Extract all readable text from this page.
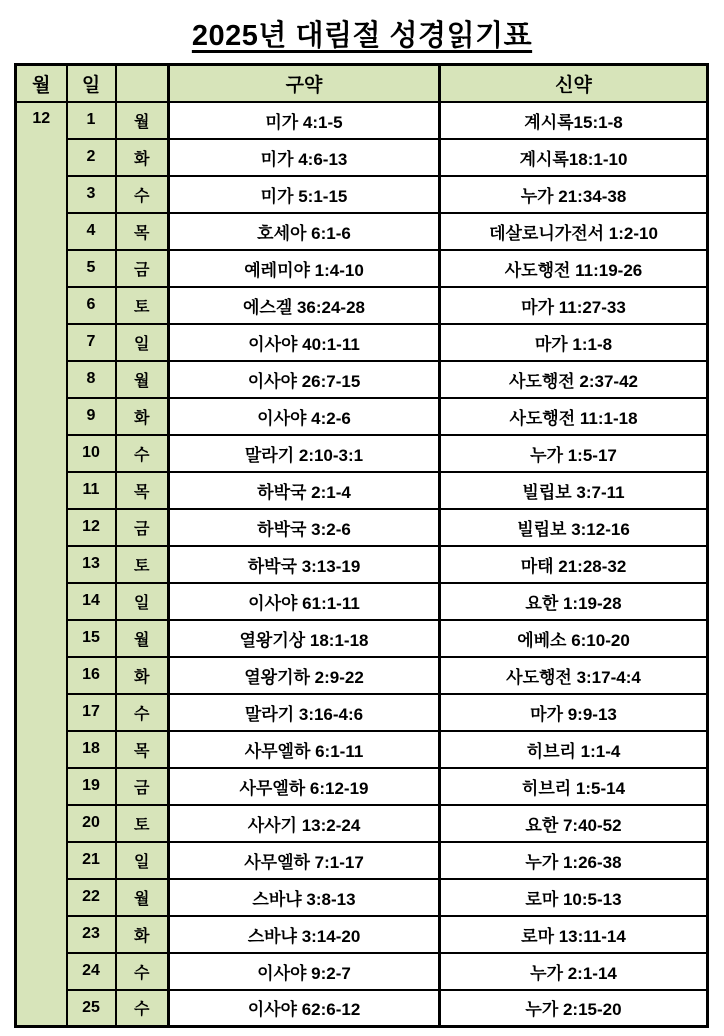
2025년 대림절 성경읽기표
월	일		구약	신약
12	1	월	미가 4:1-5	계시록15:1-8
	2	화	미가 4:6-13	계시록18:1-10
	3	수	미가 5:1-15	누가 21:34-38
	4	목	호세아 6:1-6	데살로니가전서 1:2-10
	5	금	예레미야 1:4-10	사도행전 11:19-26
	6	토	에스겔 36:24-28	마가 11:27-33
	7	일	이사야 40:1-11	마가 1:1-8
	8	월	이사야 26:7-15	사도행전 2:37-42
	9	화	이사야 4:2-6	사도행전 11:1-18
	10	수	말라기 2:10-3:1	누가 1:5-17
	11	목	하박국 2:1-4	빌립보 3:7-11
	12	금	하박국 3:2-6	빌립보 3:12-16
	13	토	하박국 3:13-19	마태 21:28-32
	14	일	이사야 61:1-11	요한 1:19-28
	15	월	열왕기상 18:1-18	에베소 6:10-20
	16	화	열왕기하 2:9-22	사도행전 3:17-4:4
	17	수	말라기 3:16-4:6	마가 9:9-13
	18	목	사무엘하 6:1-11	히브리 1:1-4
	19	금	사무엘하 6:12-19	히브리 1:5-14
	20	토	사사기 13:2-24	요한 7:40-52
	21	일	사무엘하 7:1-17	누가 1:26-38
	22	월	스바냐 3:8-13	로마 10:5-13
	23	화	스바냐 3:14-20	로마 13:11-14
	24	수	이사야 9:2-7	누가 2:1-14
	25	수	이사야 62:6-12	누가 2:15-20
